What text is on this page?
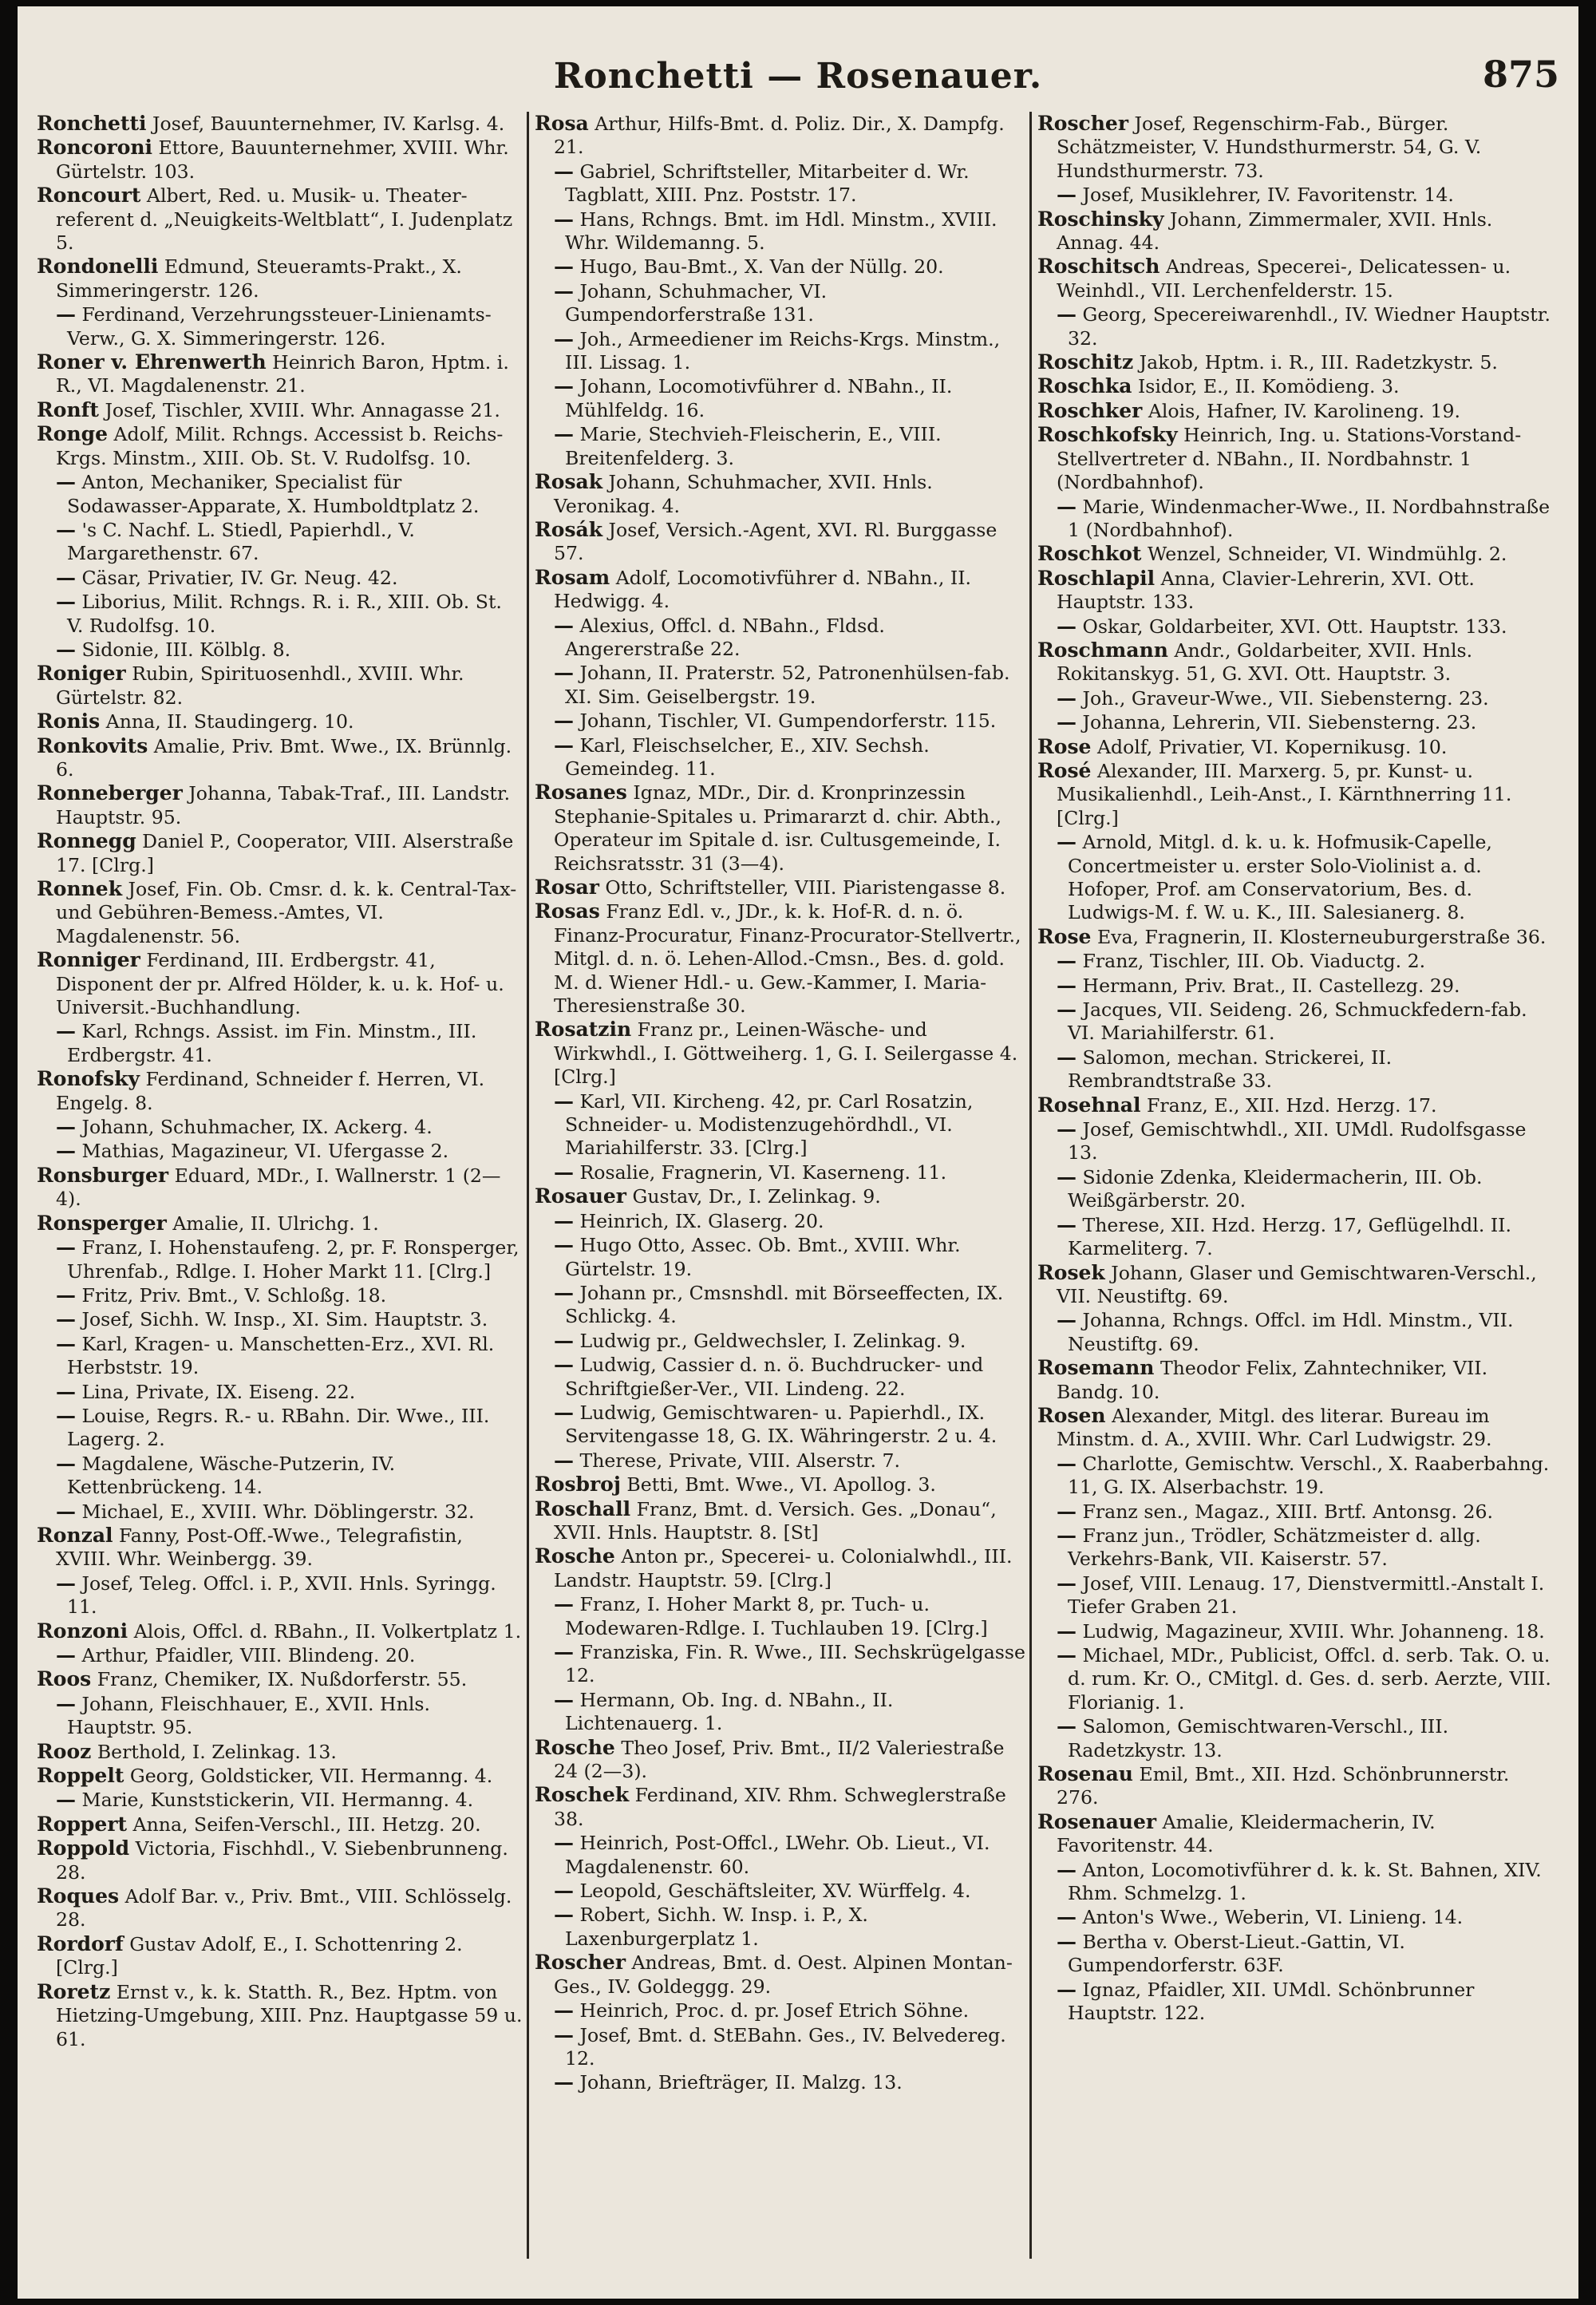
Ronchetti — Rosenauer.	875

Ronchetti Josef, Bauunternehmer, IV. Karlsg. 4.

Roncoroni Ettore, Bauunternehmer, XVIII. Whr. Gürtelstr. 103.

Roncourt Albert, Red. u. Musik- u. Theater-referent d. „Neuigkeits-Weltblatt“, I. Judenplatz 5.

Rondonelli Edmund, Steueramts-Prakt., X. Simmeringerstr. 126.

— Ferdinand, Verzehrungssteuer-Linienamts-Verw., G. X. Simmeringerstr. 126.

Roner v. Ehrenwerth Heinrich Baron, Hptm. i. R., VI. Magdalenenstr. 21.

Ronft Josef, Tischler, XVIII. Whr. Annagasse 21.

Ronge Adolf, Milit. Rchngs. Accessist b. Reichs-Krgs. Minstm., XIII. Ob. St. V. Rudolfsg. 10.

— Anton, Mechaniker, Specialist für Sodawasser-Apparate, X. Humboldtplatz 2.

— 's C. Nachf. L. Stiedl, Papierhdl., V. Margarethenstr. 67.

— Cäsar, Privatier, IV. Gr. Neug. 42.

— Liborius, Milit. Rchngs. R. i. R., XIII. Ob. St. V. Rudolfsg. 10.

— Sidonie, III. Kölblg. 8.

Roniger Rubin, Spirituosenhdl., XVIII. Whr. Gürtelstr. 82.

Ronis Anna, II. Staudingerg. 10.

Ronkovits Amalie, Priv. Bmt. Wwe., IX. Brünnlg. 6.

Ronneberger Johanna, Tabak-Traf., III. Landstr. Hauptstr. 95.

Ronnegg Daniel P., Cooperator, VIII. Alserstraße 17. [Clrg.]

Ronnek Josef, Fin. Ob. Cmsr. d. k. k. Central-Tax- und Gebühren-Bemess.-Amtes, VI. Magdalenenstr. 56.

Ronniger Ferdinand, III. Erdbergstr. 41, Disponent der pr. Alfred Hölder, k. u. k. Hof- u. Universit.-Buchhandlung.

— Karl, Rchngs. Assist. im Fin. Minstm., III. Erdbergstr. 41.

Ronofsky Ferdinand, Schneider f. Herren, VI. Engelg. 8.

— Johann, Schuhmacher, IX. Ackerg. 4.

— Mathias, Magazineur, VI. Ufergasse 2.

Ronsburger Eduard, MDr., I. Wallnerstr. 1 (2—4).

Ronsperger Amalie, II. Ulrichg. 1.

— Franz, I. Hohenstaufeng. 2, pr. F. Ronsperger, Uhrenfab., Rdlge. I. Hoher Markt 11. [Clrg.]

— Fritz, Priv. Bmt., V. Schloßg. 18.

— Josef, Sichh. W. Insp., XI. Sim. Hauptstr. 3.

— Karl, Kragen- u. Manschetten-Erz., XVI. Rl. Herbststr. 19.

— Lina, Private, IX. Eiseng. 22.

— Louise, Regrs. R.- u. RBahn. Dir. Wwe., III. Lagerg. 2.

— Magdalene, Wäsche-Putzerin, IV. Kettenbrückeng. 14.

— Michael, E., XVIII. Whr. Döblingerstr. 32.

Ronzal Fanny, Post-Off.-Wwe., Telegrafistin, XVIII. Whr. Weinbergg. 39.

— Josef, Teleg. Offcl. i. P., XVII. Hnls. Syringg. 11.

Ronzoni Alois, Offcl. d. RBahn., II. Volkertplatz 1.

— Arthur, Pfaidler, VIII. Blindeng. 20.

Roos Franz, Chemiker, IX. Nußdorferstr. 55.

— Johann, Fleischhauer, E., XVII. Hnls. Hauptstr. 95.

Rooz Berthold, I. Zelinkag. 13.

Roppelt Georg, Goldsticker, VII. Hermanng. 4.

— Marie, Kunststickerin, VII. Hermanng. 4.

Roppert Anna, Seifen-Verschl., III. Hetzg. 20.

Roppold Victoria, Fischhdl., V. Siebenbrunneng. 28.

Roques Adolf Bar. v., Priv. Bmt., VIII. Schlösselg. 28.

Rordorf Gustav Adolf, E., I. Schottenring 2. [Clrg.]

Roretz Ernst v., k. k. Statth. R., Bez. Hptm. von Hietzing-Umgebung, XIII. Pnz. Hauptgasse 59 u. 61.

Rosa Arthur, Hilfs-Bmt. d. Poliz. Dir., X. Dampfg. 21.

— Gabriel, Schriftsteller, Mitarbeiter d. Wr. Tagblatt, XIII. Pnz. Poststr. 17.

— Hans, Rchngs. Bmt. im Hdl. Minstm., XVIII. Whr. Wildemanng. 5.

— Hugo, Bau-Bmt., X. Van der Nüllg. 20.

— Johann, Schuhmacher, VI. Gumpendorferstraße 131.

— Joh., Armeediener im Reichs-Krgs. Minstm., III. Lissag. 1.

— Johann, Locomotivführer d. NBahn., II. Mühlfeldg. 16.

— Marie, Stechvieh-Fleischerin, E., VIII. Breitenfelderg. 3.

Rosak Johann, Schuhmacher, XVII. Hnls. Veronikag. 4.

Rosák Josef, Versich.-Agent, XVI. Rl. Burggasse 57.

Rosam Adolf, Locomotivführer d. NBahn., II. Hedwigg. 4.

— Alexius, Offcl. d. NBahn., Fldsd. Angererstraße 22.

— Johann, II. Praterstr. 52, Patronenhülsen-fab. XI. Sim. Geiselbergstr. 19.

— Johann, Tischler, VI. Gumpendorferstr. 115.

— Karl, Fleischselcher, E., XIV. Sechsh. Gemeindeg. 11.

Rosanes Ignaz, MDr., Dir. d. Kronprinzessin Stephanie-Spitales u. Primararzt d. chir. Abth., Operateur im Spitale d. isr. Cultusgemeinde, I. Reichsratsstr. 31 (3—4).

Rosar Otto, Schriftsteller, VIII. Piaristengasse 8.

Rosas Franz Edl. v., JDr., k. k. Hof-R. d. n. ö. Finanz-Procuratur, Finanz-Procurator-Stellvertr., Mitgl. d. n. ö. Lehen-Allod.-Cmsn., Bes. d. gold. M. d. Wiener Hdl.- u. Gew.-Kammer, I. Maria-Theresienstraße 30.

Rosatzin Franz pr., Leinen-Wäsche- und Wirkwhdl., I. Göttweiherg. 1, G. I. Seilergasse 4. [Clrg.]

— Karl, VII. Kircheng. 42, pr. Carl Rosatzin, Schneider- u. Modistenzugehördhdl., VI. Mariahilferstr. 33. [Clrg.]

— Rosalie, Fragnerin, VI. Kaserneng. 11.

Rosauer Gustav, Dr., I. Zelinkag. 9.

— Heinrich, IX. Glaserg. 20.

— Hugo Otto, Assec. Ob. Bmt., XVIII. Whr. Gürtelstr. 19.

— Johann pr., Cmsnshdl. mit Börseeffecten, IX. Schlickg. 4.

— Ludwig pr., Geldwechsler, I. Zelinkag. 9.

— Ludwig, Cassier d. n. ö. Buchdrucker- und Schriftgießer-Ver., VII. Lindeng. 22.

— Ludwig, Gemischtwaren- u. Papierhdl., IX. Servitengasse 18, G. IX. Währingerstr. 2 u. 4.

— Therese, Private, VIII. Alserstr. 7.

Rosbroj Betti, Bmt. Wwe., VI. Apollog. 3.

Roschall Franz, Bmt. d. Versich. Ges. „Donau“, XVII. Hnls. Hauptstr. 8. [St]

Rosche Anton pr., Specerei- u. Colonialwhdl., III. Landstr. Hauptstr. 59. [Clrg.]

— Franz, I. Hoher Markt 8, pr. Tuch- u. Modewaren-Rdlge. I. Tuchlauben 19. [Clrg.]

— Franziska, Fin. R. Wwe., III. Sechskrügelgasse 12.

— Hermann, Ob. Ing. d. NBahn., II. Lichtenauerg. 1.

Rosche Theo Josef, Priv. Bmt., II/2 Valeriestraße 24 (2—3).

Roschek Ferdinand, XIV. Rhm. Schweglerstraße 38.

— Heinrich, Post-Offcl., LWehr. Ob. Lieut., VI. Magdalenenstr. 60.

— Leopold, Geschäftsleiter, XV. Würffelg. 4.

— Robert, Sichh. W. Insp. i. P., X. Laxenburgerplatz 1.

Roscher Andreas, Bmt. d. Oest. Alpinen Montan-Ges., IV. Goldeggg. 29.

— Heinrich, Proc. d. pr. Josef Etrich Söhne.

— Josef, Bmt. d. StEBahn. Ges., IV. Belvedereg. 12.

— Johann, Briefträger, II. Malzg. 13.

Roscher Josef, Regenschirm-Fab., Bürger. Schätzmeister, V. Hundsthurmerstr. 54, G. V. Hundsthurmerstr. 73.

— Josef, Musiklehrer, IV. Favoritenstr. 14.

Roschinsky Johann, Zimmermaler, XVII. Hnls. Annag. 44.

Roschitsch Andreas, Specerei-, Delicatessen- u. Weinhdl., VII. Lerchenfelderstr. 15.

— Georg, Specereiwarenhdl., IV. Wiedner Hauptstr. 32.

Roschitz Jakob, Hptm. i. R., III. Radetzkystr. 5.

Roschka Isidor, E., II. Komödieng. 3.

Roschker Alois, Hafner, IV. Karolineng. 19.

Roschkofsky Heinrich, Ing. u. Stations-Vorstand-Stellvertreter d. NBahn., II. Nordbahnstr. 1 (Nordbahnhof).

— Marie, Windenmacher-Wwe., II. Nordbahnstraße 1 (Nordbahnhof).

Roschkot Wenzel, Schneider, VI. Windmühlg. 2.

Roschlapil Anna, Clavier-Lehrerin, XVI. Ott. Hauptstr. 133.

— Oskar, Goldarbeiter, XVI. Ott. Hauptstr. 133.

Roschmann Andr., Goldarbeiter, XVII. Hnls. Rokitanskyg. 51, G. XVI. Ott. Hauptstr. 3.

— Joh., Graveur-Wwe., VII. Siebensterng. 23.

— Johanna, Lehrerin, VII. Siebensterng. 23.

Rose Adolf, Privatier, VI. Kopernikusg. 10.

Rosé Alexander, III. Marxerg. 5, pr. Kunst- u. Musikalienhdl., Leih-Anst., I. Kärnthnerring 11. [Clrg.]

— Arnold, Mitgl. d. k. u. k. Hofmusik-Capelle, Concertmeister u. erster Solo-Violinist a. d. Hofoper, Prof. am Conservatorium, Bes. d. Ludwigs-M. f. W. u. K., III. Salesianerg. 8.

Rose Eva, Fragnerin, II. Klosterneuburgerstraße 36.

— Franz, Tischler, III. Ob. Viaductg. 2.

— Hermann, Priv. Brat., II. Castellezg. 29.

— Jacques, VII. Seideng. 26, Schmuckfedern-fab. VI. Mariahilferstr. 61.

— Salomon, mechan. Strickerei, II. Rembrandtstraße 33.

Rosehnal Franz, E., XII. Hzd. Herzg. 17.

— Josef, Gemischtwhdl., XII. UMdl. Rudolfsgasse 13.

— Sidonie Zdenka, Kleidermacherin, III. Ob. Weißgärberstr. 20.

— Therese, XII. Hzd. Herzg. 17, Geflügelhdl. II. Karmeliterg. 7.

Rosek Johann, Glaser und Gemischtwaren-Verschl., VII. Neustiftg. 69.

— Johanna, Rchngs. Offcl. im Hdl. Minstm., VII. Neustiftg. 69.

Rosemann Theodor Felix, Zahntechniker, VII. Bandg. 10.

Rosen Alexander, Mitgl. des literar. Bureau im Minstm. d. A., XVIII. Whr. Carl Ludwigstr. 29.

— Charlotte, Gemischtw. Verschl., X. Raaberbahng. 11, G. IX. Alserbachstr. 19.

— Franz sen., Magaz., XIII. Brtf. Antonsg. 26.

— Franz jun., Trödler, Schätzmeister d. allg. Verkehrs-Bank, VII. Kaiserstr. 57.

— Josef, VIII. Lenaug. 17, Dienstvermittl.-Anstalt I. Tiefer Graben 21.

— Ludwig, Magazineur, XVIII. Whr. Johanneng. 18.

— Michael, MDr., Publicist, Offcl. d. serb. Tak. O. u. d. rum. Kr. O., CMitgl. d. Ges. d. serb. Aerzte, VIII. Florianig. 1.

— Salomon, Gemischtwaren-Verschl., III. Radetzkystr. 13.

Rosenau Emil, Bmt., XII. Hzd. Schönbrunnerstr. 276.

Rosenauer Amalie, Kleidermacherin, IV. Favoritenstr. 44.

— Anton, Locomotivführer d. k. k. St. Bahnen, XIV. Rhm. Schmelzg. 1.

— Anton's Wwe., Weberin, VI. Linieng. 14.

— Bertha v. Oberst-Lieut.-Gattin, VI. Gumpendorferstr. 63F.

— Ignaz, Pfaidler, XII. UMdl. Schönbrunner Hauptstr. 122.
